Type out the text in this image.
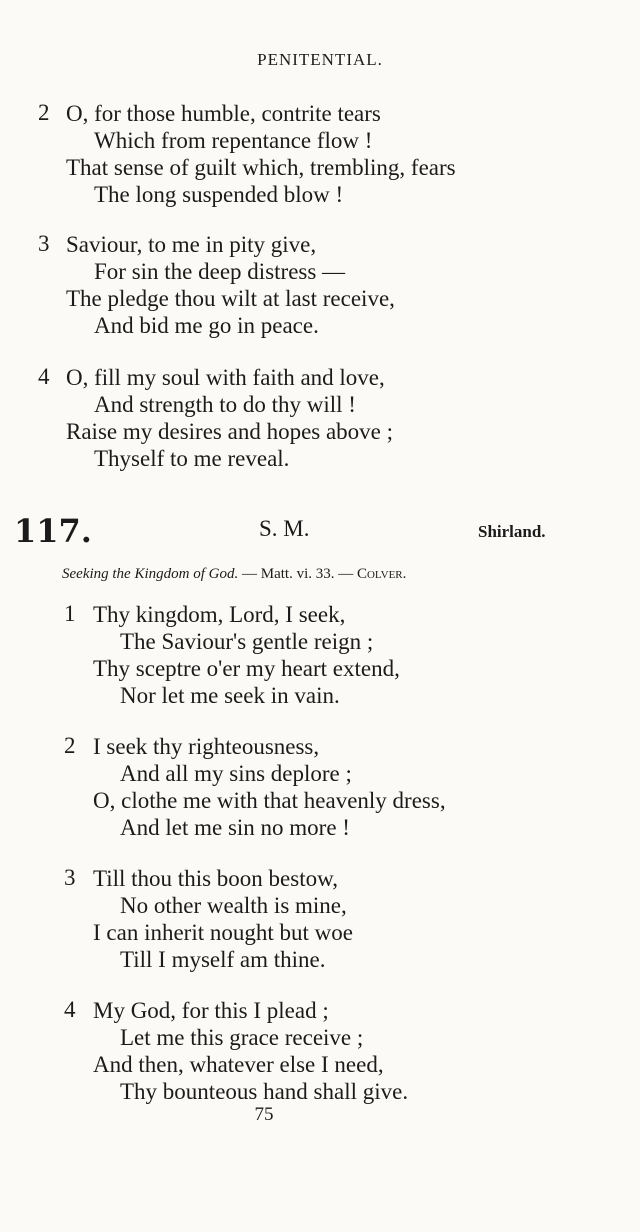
PENITENTIAL.
2 O, for those humble, contrite tears
Which from repentance flow !
That sense of guilt which, trembling, fears
The long suspended blow !
3 Saviour, to me in pity give,
For sin the deep distress —
The pledge thou wilt at last receive,
And bid me go in peace.
4 O, fill my soul with faith and love,
And strength to do thy will !
Raise my desires and hopes above ;
Thyself to me reveal.
117.	S. M.	Shirland.
Seeking the Kingdom of God. — Matt. vi. 33. — Colver.
1 Thy kingdom, Lord, I seek,
The Saviour's gentle reign ;
Thy sceptre o'er my heart extend,
Nor let me seek in vain.
2 I seek thy righteousness,
And all my sins deplore ;
O, clothe me with that heavenly dress,
And let me sin no more !
3 Till thou this boon bestow,
No other wealth is mine,
I can inherit nought but woe
Till I myself am thine.
4 My God, for this I plead ;
Let me this grace receive ;
And then, whatever else I need,
Thy bounteous hand shall give.
75
